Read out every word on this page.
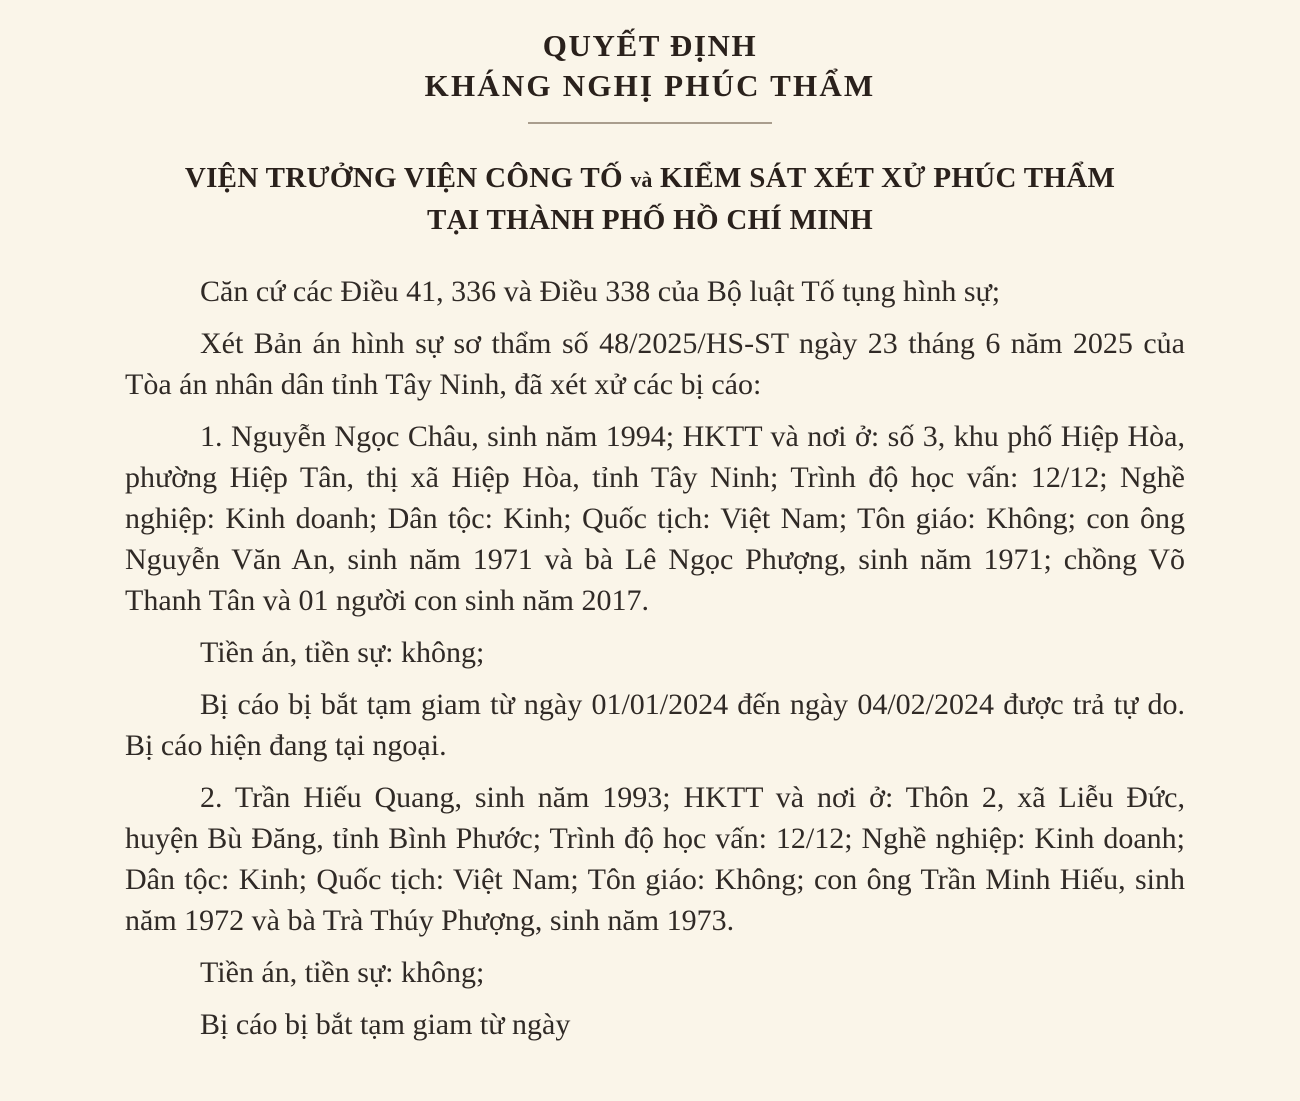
QUYẾT ĐỊNH
KHÁNG NGHỊ PHÚC THẨM
VIỆN TRƯỞNG VIỆN CÔNG TỐ và KIỂM SÁT XÉT XỬ PHÚC THẨM
TẠI THÀNH PHỐ HỒ CHÍ MINH

Căn cứ các Điều 41, 336 và Điều 338 của Bộ luật Tố tụng hình sự;

Xét Bản án hình sự sơ thẩm số 48/2025/HS-ST ngày 23 tháng 6 năm 2025 của Tòa án nhân dân tỉnh Tây Ninh, đã xét xử các bị cáo:

1. Nguyễn Ngọc Châu, sinh năm 1994; HKTT và nơi ở: số 3, khu phố Hiệp Hòa, phường Hiệp Tân, thị xã Hiệp Hòa, tỉnh Tây Ninh; Trình độ học vấn: 12/12; Nghề nghiệp: Kinh doanh; Dân tộc: Kinh; Quốc tịch: Việt Nam; Tôn giáo: Không; con ông Nguyễn Văn An, sinh năm 1971 và bà Lê Ngọc Phượng, sinh năm 1971; chồng Võ Thanh Tân và 01 người con sinh năm 2017.

Tiền án, tiền sự: không;

Bị cáo bị bắt tạm giam từ ngày 01/01/2024 đến ngày 04/02/2024 được trả tự do. Bị cáo hiện đang tại ngoại.

2. Trần Hiếu Quang, sinh năm 1993; HKTT và nơi ở: Thôn 2, xã Liễu Đức, huyện Bù Đăng, tỉnh Bình Phước; Trình độ học vấn: 12/12; Nghề nghiệp: Kinh doanh; Dân tộc: Kinh; Quốc tịch: Việt Nam; Tôn giáo: Không; con ông Trần Minh Hiếu, sinh năm 1972 và bà Trà Thúy Phượng, sinh năm 1973.

Tiền án, tiền sự: không;

Bị cáo bị bắt tạm giam từ ngày
